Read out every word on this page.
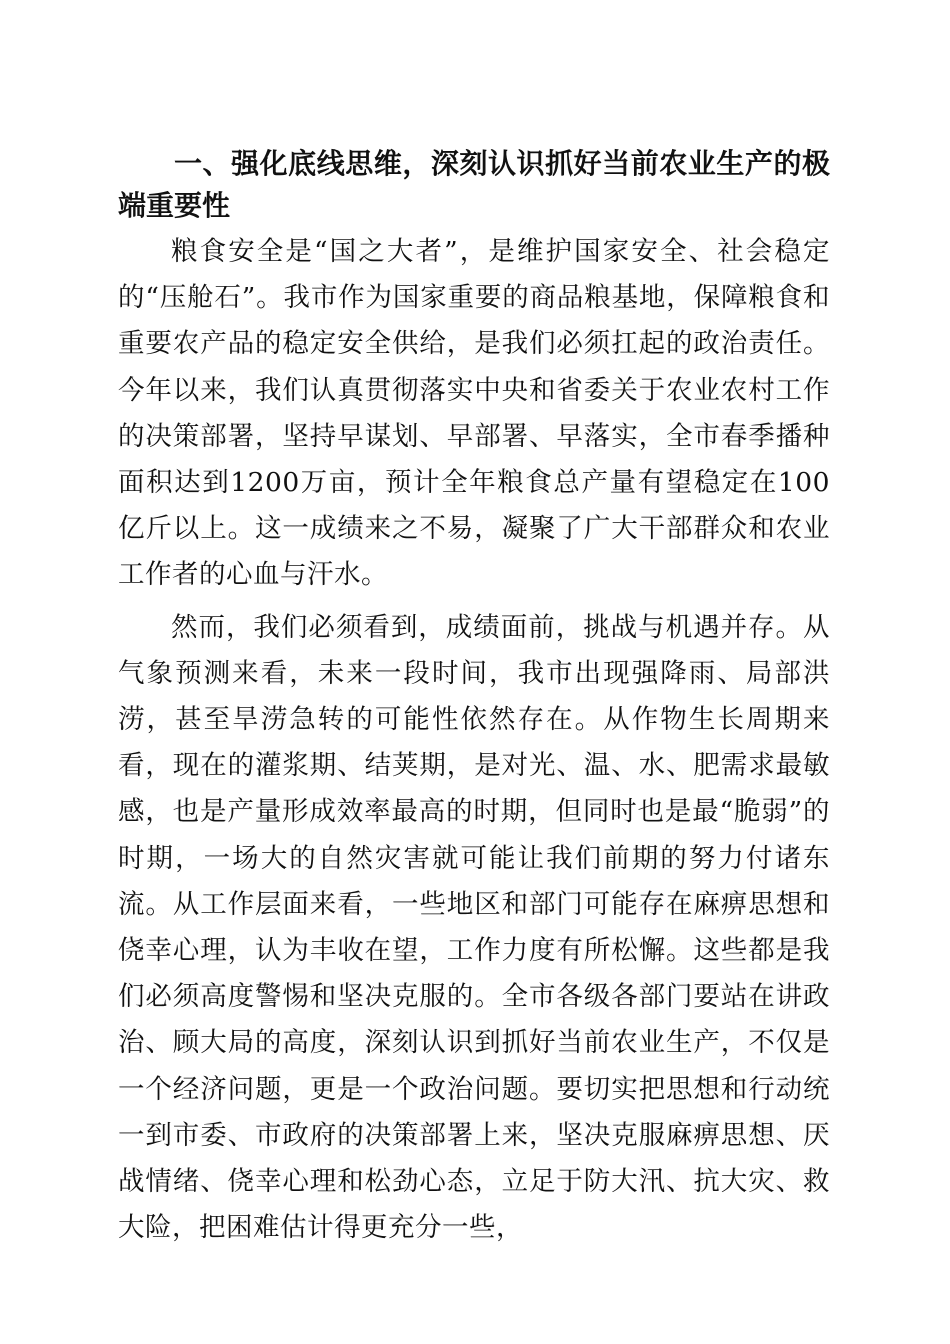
一、强化底线思维，深刻认识抓好当前农业生产的极端重要性

粮食安全是“国之大者”，是维护国家安全、社会稳定的“压舱石”。我市作为国家重要的商品粮基地，保障粮食和重要农产品的稳定安全供给，是我们必须扛起的政治责任。今年以来，我们认真贯彻落实中央和省委关于农业农村工作的决策部署，坚持早谋划、早部署、早落实，全市春季播种面积达到1200万亩，预计全年粮食总产量有望稳定在100亿斤以上。这一成绩来之不易，凝聚了广大干部群众和农业工作者的心血与汗水。

然而，我们必须看到，成绩面前，挑战与机遇并存。从气象预测来看，未来一段时间，我市出现强降雨、局部洪涝，甚至旱涝急转的可能性依然存在。从作物生长周期来看，现在的灌浆期、结荚期，是对光、温、水、肥需求最敏感，也是产量形成效率最高的时期，但同时也是最“脆弱”的时期，一场大的自然灾害就可能让我们前期的努力付诸东流。从工作层面来看，一些地区和部门可能存在麻痹思想和侥幸心理，认为丰收在望，工作力度有所松懈。这些都是我们必须高度警惕和坚决克服的。全市各级各部门要站在讲政治、顾大局的高度，深刻认识到抓好当前农业生产，不仅是一个经济问题，更是一个政治问题。要切实把思想和行动统一到市委、市政府的决策部署上来，坚决克服麻痹思想、厌战情绪、侥幸心理和松劲心态，立足于防大汛、抗大灾、救大险，把困难估计得更充分一些，
